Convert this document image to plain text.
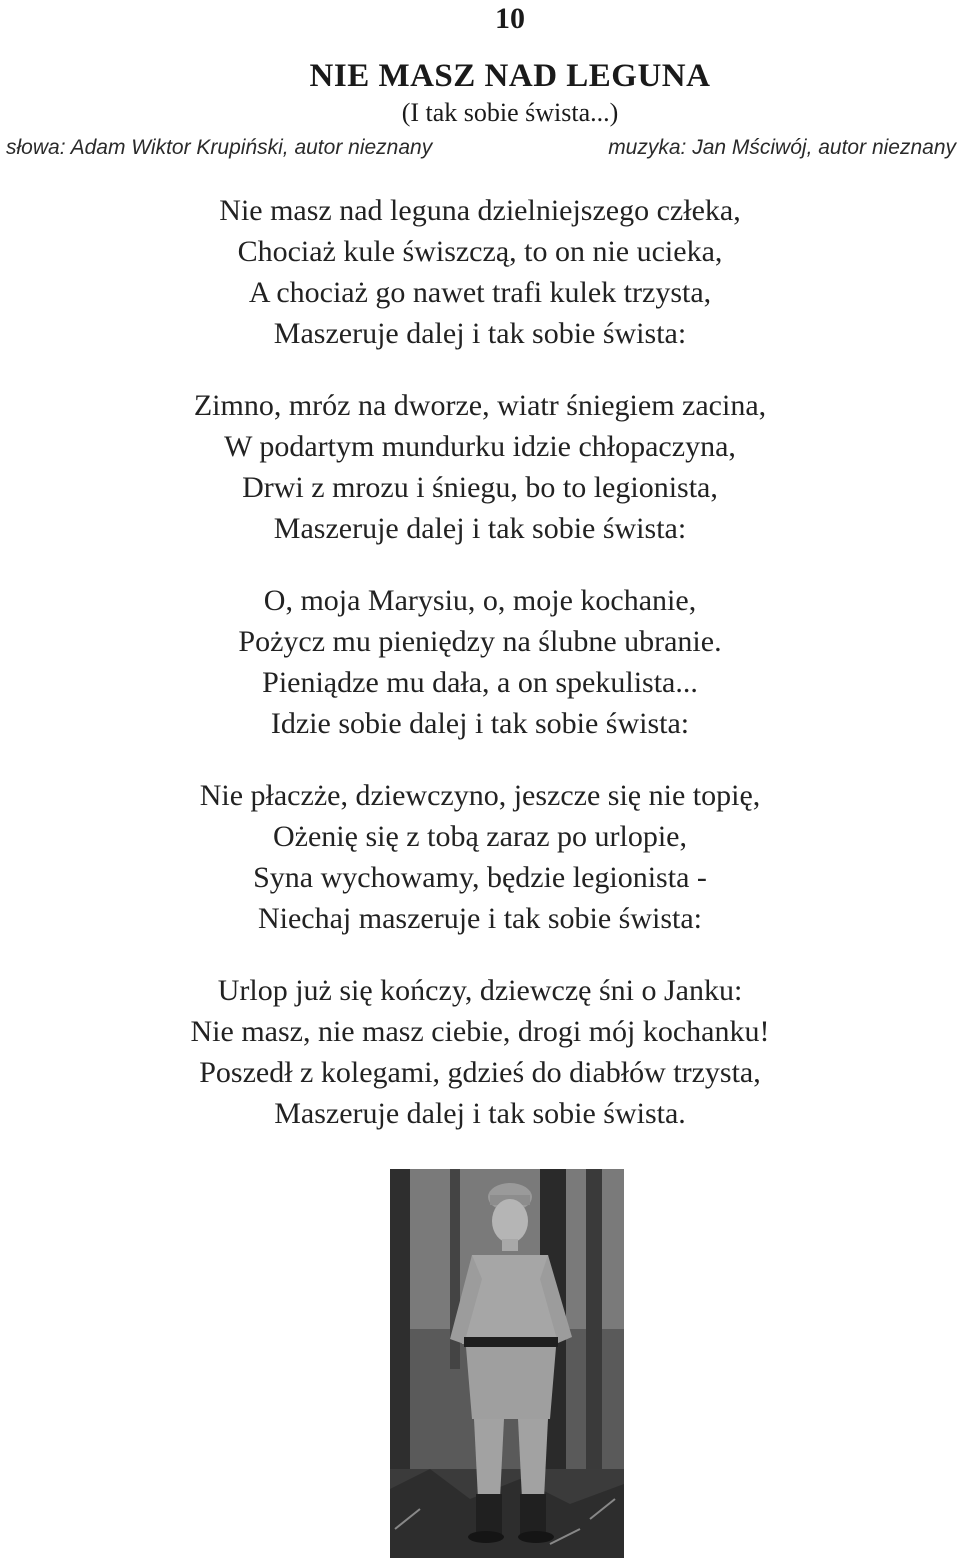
10
NIE MASZ NAD LEGUNA
(I tak sobie śwista...)
słowa: Adam Wiktor Krupiński, autor nieznany	muzyka: Jan Mściwój, autor nieznany
Nie masz nad leguna dzielniejszego człeka,
Chociaż kule świszczą, to on nie ucieka,
A chociaż go nawet trafi kulek trzysta,
Maszeruje dalej i tak sobie śwista:
Zimno, mróz na dworze, wiatr śniegiem zacina,
W podartym mundurku idzie chłopaczyna,
Drwi z mrozu i śniegu, bo to legionista,
Maszeruje dalej i tak sobie śwista:
O, moja Marysiu, o, moje kochanie,
Pożycz mu pieniędzy na ślubne ubranie.
Pieniądze mu dała, a on spekulista...
Idzie sobie dalej i tak sobie śwista:
Nie płaczże, dziewczyno, jeszcze się nie topię,
Ożenię się z tobą zaraz po urlopie,
Syna wychowamy, będzie legionista -
Niechaj maszeruje i tak sobie śwista:
Urlop już się kończy, dziewczę śni o Janku:
Nie masz, nie masz ciebie, drogi mój kochanku!
Poszedł z kolegami, gdzieś do diabłów trzysta,
Maszeruje dalej i tak sobie śwista.
